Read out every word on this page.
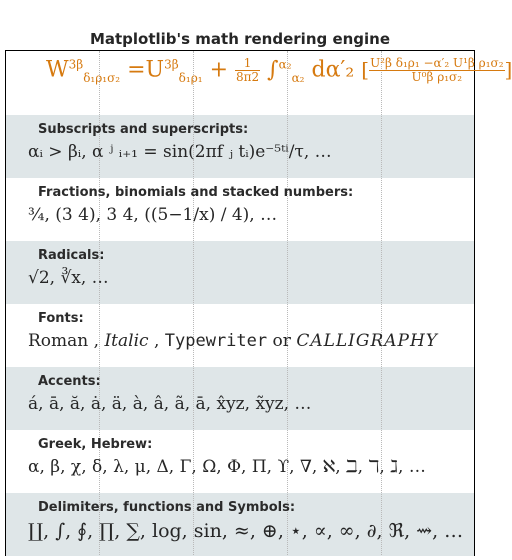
Matplotlib's math rendering engine
$W^{3\beta}_{\delta_1\rho_1\sigma_2} =U^{3\beta}_{\delta_1\rho_1} + \frac{1}{8\pi 2} \int^{\alpha_2}_{\alpha_2}$ dα′₂ [ $\frac{\text{U²β δ₁ρ₁ −α′₂ U¹β ρ₁σ₂}}{\text{U⁰β ρ₁σ₂}}$ ]
Subscripts and superscripts:
αᵢ > βᵢ, α ʲ ᵢ₊₁ = sin(2πf ⱼ tᵢ)e⁻⁵ᵗⁱ/τ, …
Fractions, binomials and stacked numbers:
¾, (3 4), 3 4, ((5−1/x) / 4), …
Radicals:
√2, ∛x, …
Fonts:
Roman , Italic , Typewriter or CALLIGRAPHY
Accents:
á, ā, ă, ȧ, ä, à, â, ã, ā, x̂yz, x̃yz, …
Greek, Hebrew:
α, β, χ, δ, λ, μ, Δ, Γ, Ω, Φ, Π, ϒ, ∇, ℵ, ℶ, ℸ, ℷ, …
Delimiters, functions and Symbols:
∐, ∫, ∮, ∏, ∑, log, sin, ≈, ⊕, ⋆, ∝, ∞, ∂, ℜ, ⇝, …
